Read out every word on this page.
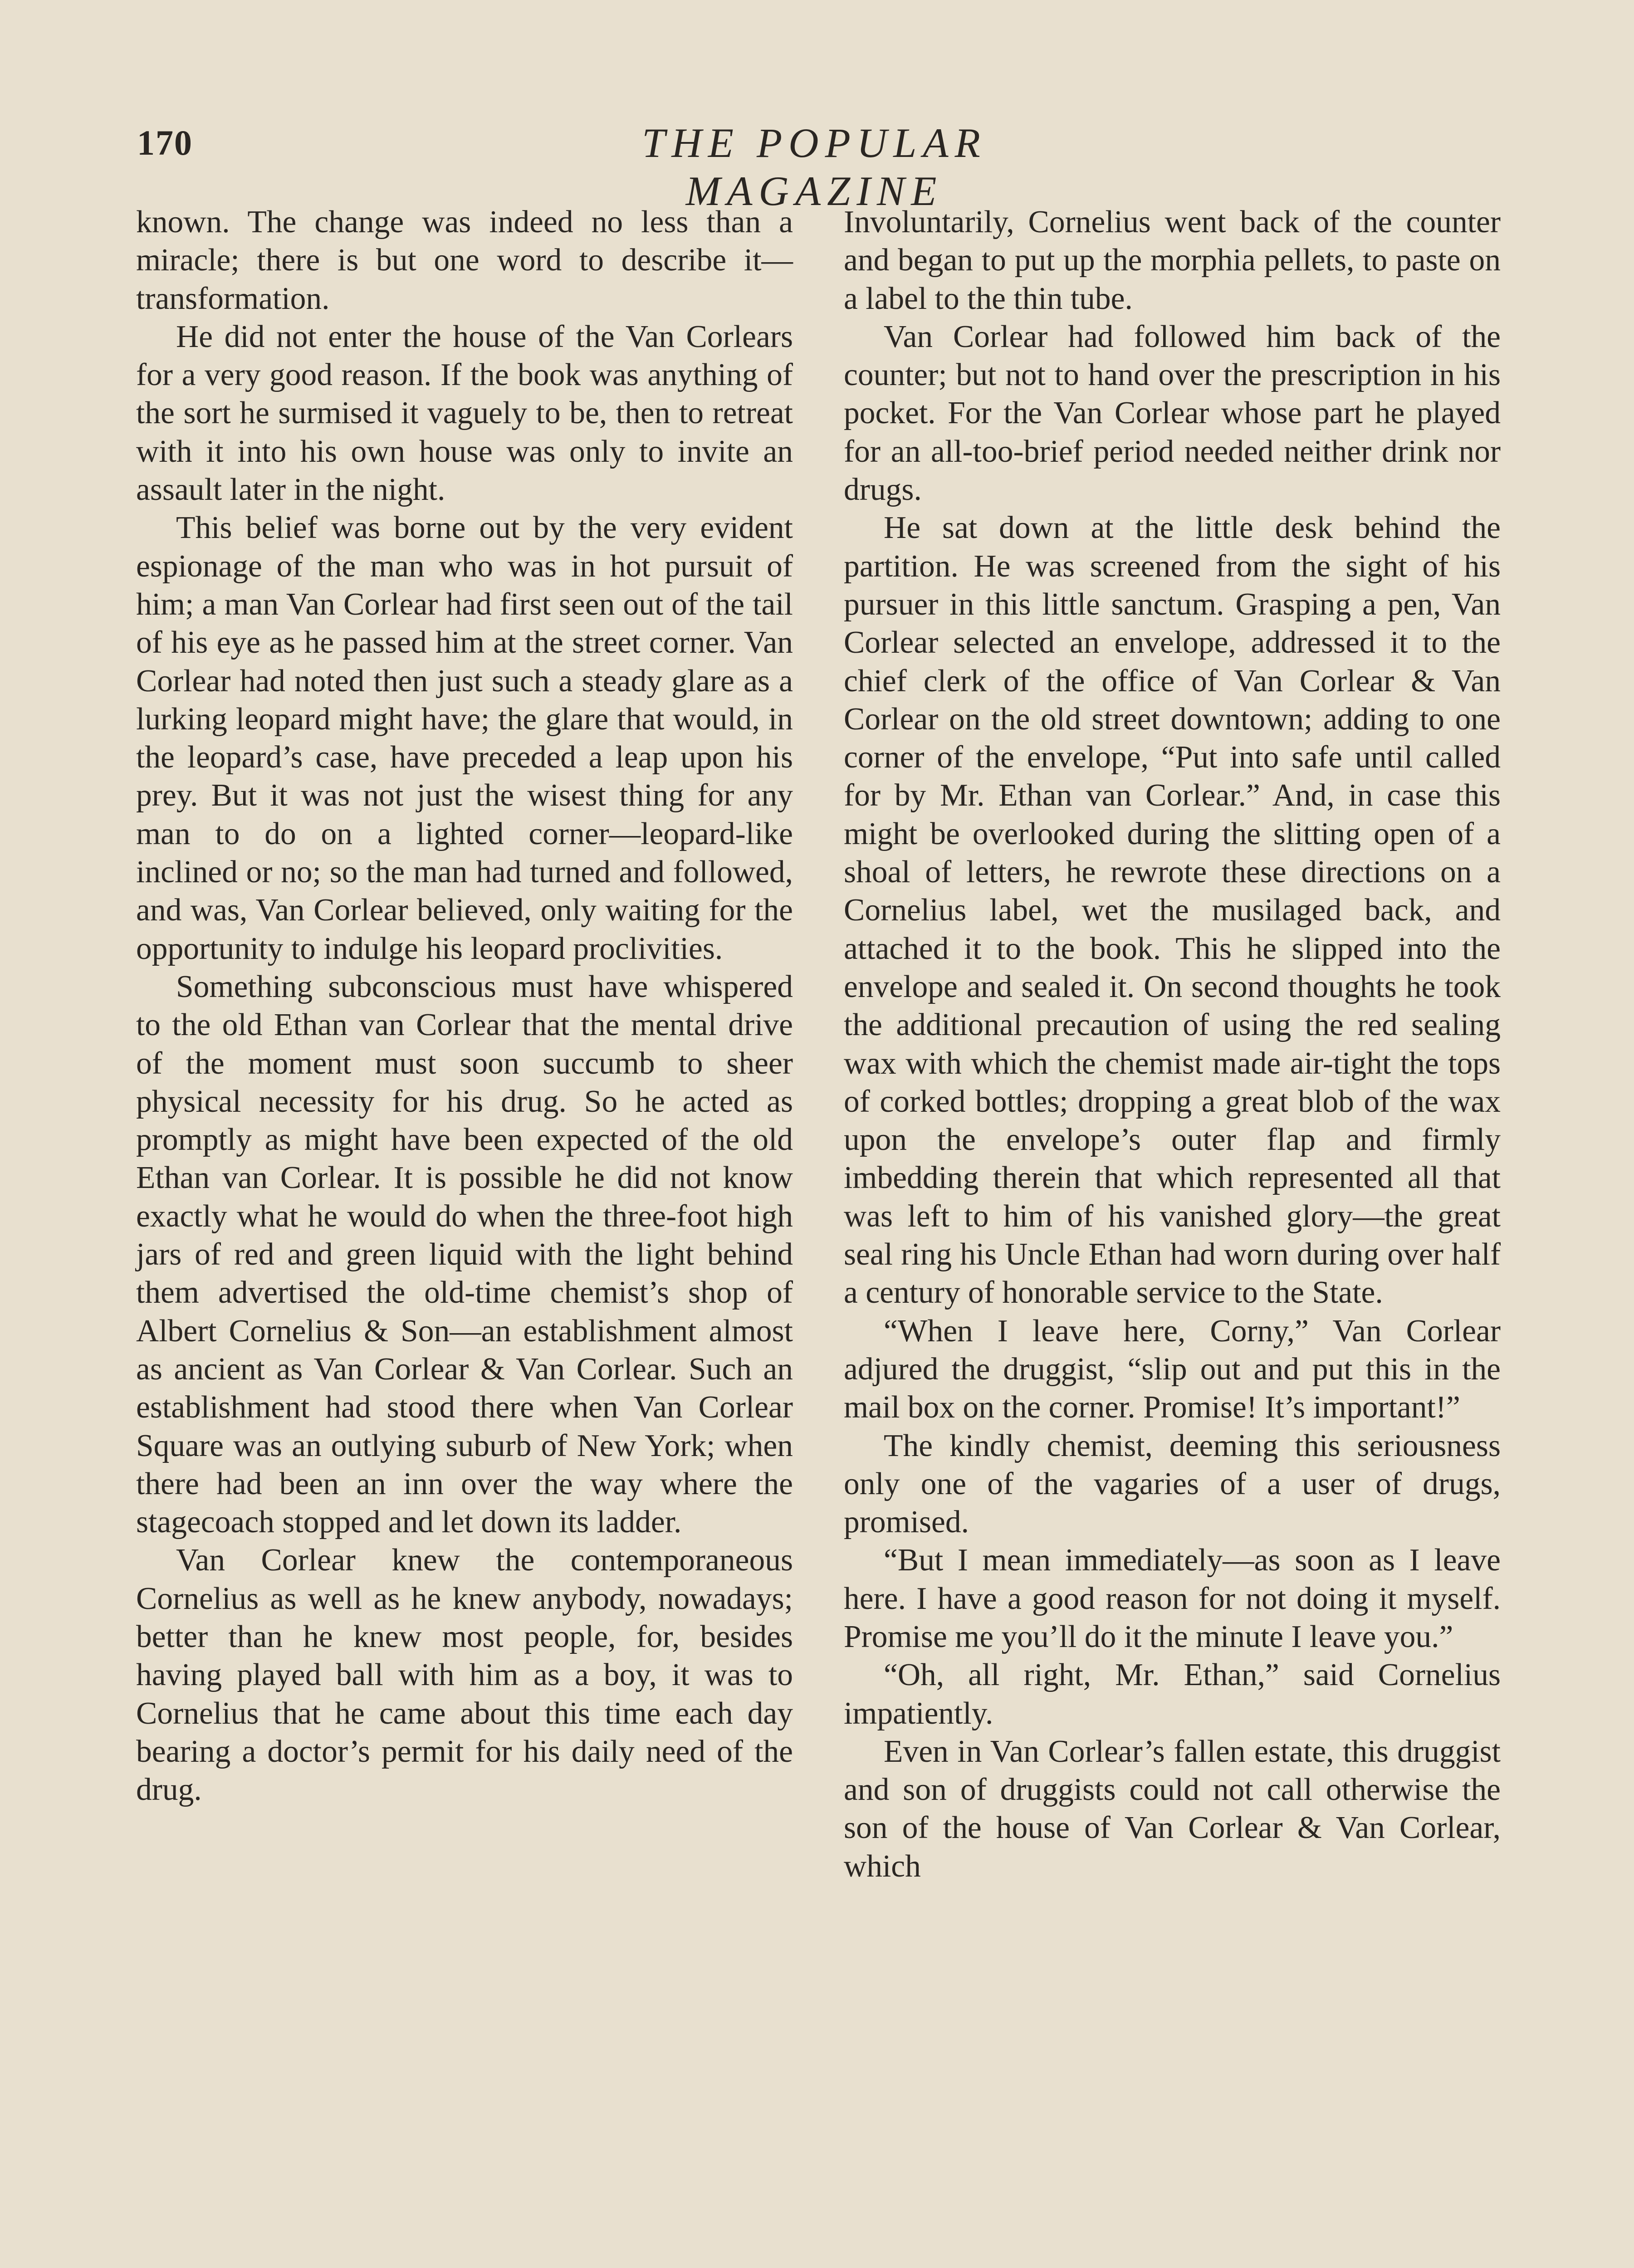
170	THE POPULAR MAGAZINE

known. The change was indeed no less than a miracle; there is but one word to describe it—transformation.

He did not enter the house of the Van Corlears for a very good reason. If the book was anything of the sort he surmised it vaguely to be, then to retreat with it into his own house was only to invite an assault later in the night.

This belief was borne out by the very evident espionage of the man who was in hot pursuit of him; a man Van Corlear had first seen out of the tail of his eye as he passed him at the street corner. Van Corlear had noted then just such a steady glare as a lurking leopard might have; the glare that would, in the leopard’s case, have preceded a leap upon his prey. But it was not just the wisest thing for any man to do on a lighted corner—leopard-like inclined or no; so the man had turned and followed, and was, Van Corlear believed, only waiting for the opportunity to indulge his leopard proclivities.

Something subconscious must have whispered to the old Ethan van Corlear that the mental drive of the moment must soon succumb to sheer physical necessity for his drug. So he acted as promptly as might have been expected of the old Ethan van Corlear. It is possible he did not know exactly what he would do when the three-foot high jars of red and green liquid with the light behind them advertised the old-time chemist’s shop of Albert Cornelius & Son—an establishment almost as ancient as Van Corlear & Van Corlear. Such an establishment had stood there when Van Corlear Square was an outlying suburb of New York; when there had been an inn over the way where the stagecoach stopped and let down its ladder.

Van Corlear knew the contemporaneous Cornelius as well as he knew anybody, nowadays; better than he knew most people, for, besides having played ball with him as a boy, it was to Cornelius that he came about this time each day bearing a doctor’s permit for his daily need of the drug.

Involuntarily, Cornelius went back of the counter and began to put up the morphia pellets, to paste on a label to the thin tube.

Van Corlear had followed him back of the counter; but not to hand over the prescription in his pocket. For the Van Corlear whose part he played for an all-too-brief period needed neither drink nor drugs.

He sat down at the little desk behind the partition. He was screened from the sight of his pursuer in this little sanctum. Grasping a pen, Van Corlear selected an envelope, addressed it to the chief clerk of the office of Van Corlear & Van Corlear on the old street downtown; adding to one corner of the envelope, “Put into safe until called for by Mr. Ethan van Corlear.” And, in case this might be overlooked during the slitting open of a shoal of letters, he rewrote these directions on a Cornelius label, wet the musilaged back, and attached it to the book. This he slipped into the envelope and sealed it. On second thoughts he took the additional precaution of using the red sealing wax with which the chemist made air-tight the tops of corked bottles; dropping a great blob of the wax upon the envelope’s outer flap and firmly imbedding therein that which represented all that was left to him of his vanished glory—the great seal ring his Uncle Ethan had worn during over half a century of honorable service to the State.

“When I leave here, Corny,” Van Corlear adjured the druggist, “slip out and put this in the mail box on the corner. Promise! It’s important!”

The kindly chemist, deeming this seriousness only one of the vagaries of a user of drugs, promised.

“But I mean immediately—as soon as I leave here. I have a good reason for not doing it myself. Promise me you’ll do it the minute I leave you.”

“Oh, all right, Mr. Ethan,” said Cornelius impatiently.

Even in Van Corlear’s fallen estate, this druggist and son of druggists could not call otherwise the son of the house of Van Corlear & Van Corlear, which
